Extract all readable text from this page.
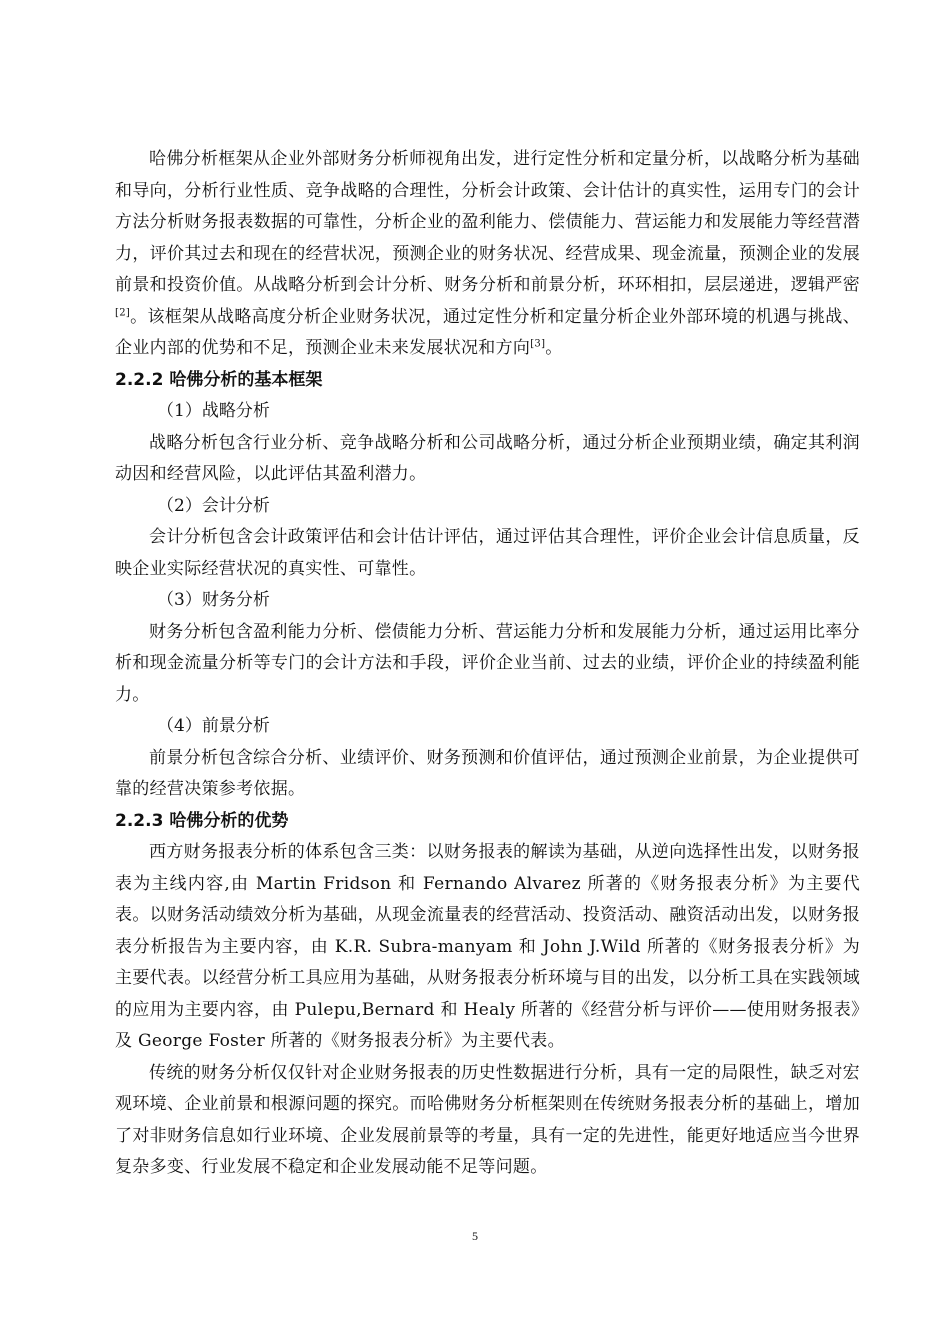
哈佛分析框架从企业外部财务分析师视角出发，进行定性分析和定量分析，以战略分析为基础和导向，分析行业性质、竞争战略的合理性，分析会计政策、会计估计的真实性，运用专门的会计方法分析财务报表数据的可靠性，分析企业的盈利能力、偿债能力、营运能力和发展能力等经营潜力，评价其过去和现在的经营状况，预测企业的财务状况、经营成果、现金流量，预测企业的发展前景和投资价值。从战略分析到会计分析、财务分析和前景分析，环环相扣，层层递进，逻辑严密[2]。该框架从战略高度分析企业财务状况，通过定性分析和定量分析企业外部环境的机遇与挑战、企业内部的优势和不足，预测企业未来发展状况和方向[3]。

2.2.2 哈佛分析的基本框架

（1）战略分析

战略分析包含行业分析、竞争战略分析和公司战略分析，通过分析企业预期业绩，确定其利润动因和经营风险，以此评估其盈利潜力。

（2）会计分析

会计分析包含会计政策评估和会计估计评估，通过评估其合理性，评价企业会计信息质量，反映企业实际经营状况的真实性、可靠性。

（3）财务分析

财务分析包含盈利能力分析、偿债能力分析、营运能力分析和发展能力分析，通过运用比率分析和现金流量分析等专门的会计方法和手段，评价企业当前、过去的业绩，评价企业的持续盈利能力。

（4）前景分析

前景分析包含综合分析、业绩评价、财务预测和价值评估，通过预测企业前景，为企业提供可靠的经营决策参考依据。

2.2.3 哈佛分析的优势

西方财务报表分析的体系包含三类：以财务报表的解读为基础，从逆向选择性出发，以财务报表为主线内容,由 Martin Fridson 和 Fernando Alvarez 所著的《财务报表分析》为主要代表。以财务活动绩效分析为基础，从现金流量表的经营活动、投资活动、融资活动出发，以财务报表分析报告为主要内容，由 K.R. Subra-manyam 和 John J.Wild 所著的《财务报表分析》为主要代表。以经营分析工具应用为基础，从财务报表分析环境与目的出发，以分析工具在实践领域的应用为主要内容，由 Pulepu,Bernard 和 Healy 所著的《经营分析与评价——使用财务报表》及 George Foster 所著的《财务报表分析》为主要代表。

传统的财务分析仅仅针对企业财务报表的历史性数据进行分析，具有一定的局限性，缺乏对宏观环境、企业前景和根源问题的探究。而哈佛财务分析框架则在传统财务报表分析的基础上，增加了对非财务信息如行业环境、企业发展前景等的考量，具有一定的先进性，能更好地适应当今世界复杂多变、行业发展不稳定和企业发展动能不足等问题。

5
